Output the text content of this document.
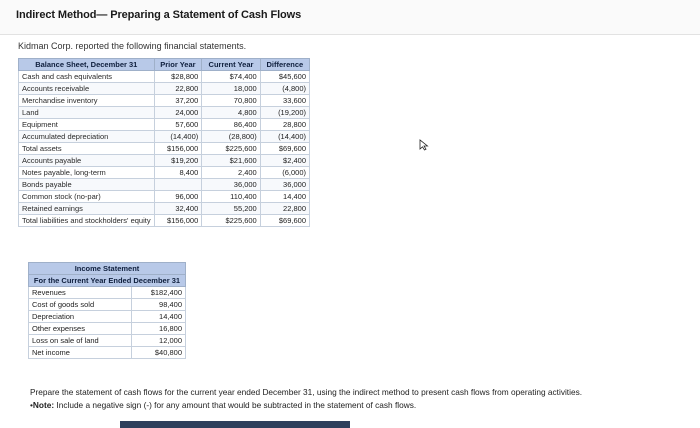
Indirect Method— Preparing a Statement of Cash Flows
Kidman Corp. reported the following financial statements.
Balance Sheet, December 31	Prior Year	Current Year	Difference
Cash and cash equivalents	$28,800	$74,400	$45,600
Accounts receivable	22,800	18,000	(4,800)
Merchandise inventory	37,200	70,800	33,600
Land	24,000	4,800	(19,200)
Equipment	57,600	86,400	28,800
Accumulated depreciation	(14,400)	(28,800)	(14,400)
Total assets	$156,000	$225,600	$69,600
Accounts payable	$19,200	$21,600	$2,400
Notes payable, long-term	8,400	2,400	(6,000)
Bonds payable		36,000	36,000
Common stock (no-par)	96,000	110,400	14,400
Retained earnings	32,400	55,200	22,800
Total liabilities and stockholders' equity	$156,000	$225,600	$69,600
Income Statement	
For the Current Year Ended December 31	
Revenues	$182,400
Cost of goods sold	98,400
Depreciation	14,400
Other expenses	16,800
Loss on sale of land	12,000
Net income	$40,800
Prepare the statement of cash flows for the current year ended December 31, using the indirect method to present cash flows from operating activities.
•Note: Include a negative sign (-) for any amount that would be subtracted in the statement of cash flows.
